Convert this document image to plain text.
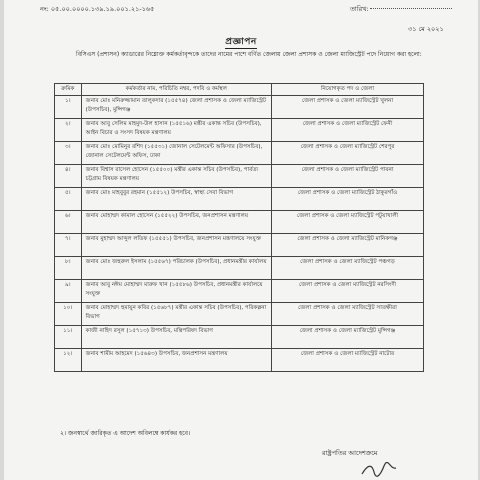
নং: ০৫.০০.০০০০.১৩৯.১৯.০০১.২১-১৬৫	তারিখ:
৩১ মে ২০২১
প্রজ্ঞাপন
বিসিএস (প্রশাসন) ক্যাডারের নিম্নোক্ত কর্মকর্তাবৃন্দকে তাদের নামের পাশে বর্ণিত জেলায় জেলা প্রশাসক ও জেলা ম্যাজিস্ট্রেট পদে নিয়োগ করা হলো:
ক্রমিক	কর্মকর্তার নাম, পরিচিতি নম্বর, পদবি ও কর্মস্থল	নিয়োগকৃত পদ ও জেলা
১।	জনাব মোঃ মনিরুজ্জামান তালুকদার (১৫৫৭৪) জেলা প্রশাসক ও জেলা ম্যাজিস্ট্রেট (উপসচিব), মুন্সিগঞ্জ	জেলা প্রশাসক ও জেলা ম্যাজিস্ট্রেট খুলনা
২।	জনাব আবু সেলিম মাহমুদ-উল হাসান (১৫৫১৬) মন্ত্রীর একান্ত সচিব (উপসচিব), আইন বিচার ও সংসদ বিষয়ক মন্ত্রণালয়	জেলা প্রশাসক ও জেলা ম্যাজিস্ট্রেট ফেনী
৩।	জনাব মোঃ মোমিনুর রশিদ (১৫৫৩১) জোনাল সেটেলমেন্ট অফিসার (উপসচিব), জোনাল সেটেলমেন্ট অফিস, ঢাকা	জেলা প্রশাসক ও জেলা ম্যাজিস্ট্রেট শেরপুর
৪।	জনাব বিশ্বাস রাসেল হোসেন (১৫৫০০) মন্ত্রীর একান্ত সচিব (উপসচিব), পার্বত্য চট্টগ্রাম বিষয়ক মন্ত্রণালয়	জেলা প্রশাসক ও জেলা ম্যাজিস্ট্রেট পাবনা
৫।	জনাব মোঃ মাহবুবুর রহমান (১৫৫১২) উপসচিব, স্বাস্থ্য সেবা বিভাগ	জেলা প্রশাসক ও জেলা ম্যাজিস্ট্রেট ঠাকুরগাঁও
৬।	জনাব মোহাম্মদ কামাল হোসেন (১৫৫২২) উপসচিব, জনপ্রশাসন মন্ত্রণালয়	জেলা প্রশাসক ও জেলা ম্যাজিস্ট্রেট পটুয়াখালী
৭।	জনাব মুহাম্মদ আব্দুল লতিফ (১৫৫৫১) উপসচিব, জনপ্রশাসন মন্ত্রণালয়ে সংযুক্ত	জেলা প্রশাসক ও জেলা ম্যাজিস্ট্রেট মানিকগঞ্জ
৮।	জনাব মোঃ জহুরুল ইসলাম (১৫৫৬৭) পরিচালক (উপসচিব), প্রধানমন্ত্রীর কার্যালয়	জেলা প্রশাসক ও জেলা ম্যাজিস্ট্রেট পঞ্চগড়
৯।	জনাব আবু নঈম মোহাম্মদ মারুফ খান (১৫৫৮৬) উপসচিব, প্রধানমন্ত্রীর কার্যালয়ে সংযুক্ত	জেলা প্রশাসক ও জেলা ম্যাজিস্ট্রেট নরসিংদী
১০।	জনাব মোহাম্মদ হুমায়ুন কবির (১৫৬৮৭) মন্ত্রীর একান্ত সচিব (উপসচিব), পরিকল্পনা বিভাগ	জেলা প্রশাসক ও জেলা ম্যাজিস্ট্রেট সাতক্ষীরা
১১।	কাজী নাহিদ রসুল (১৫৭১৩) উপসচিব, মন্ত্রিপরিষদ বিভাগ	জেলা প্রশাসক ও জেলা ম্যাজিস্ট্রেট মুন্সিগঞ্জ
১২।	জনাব শামীম আহমেদ (১৫৬৪৩) উপসচিব, জনপ্রশাসন মন্ত্রণালয়	জেলা প্রশাসক ও জেলা ম্যাজিস্ট্রেট নাটোর
২। জনস্বার্থে জারিকৃত এ আদেশ অবিলম্বে কার্যকর হবে।
রাষ্ট্রপতির আদেশক্রমে
